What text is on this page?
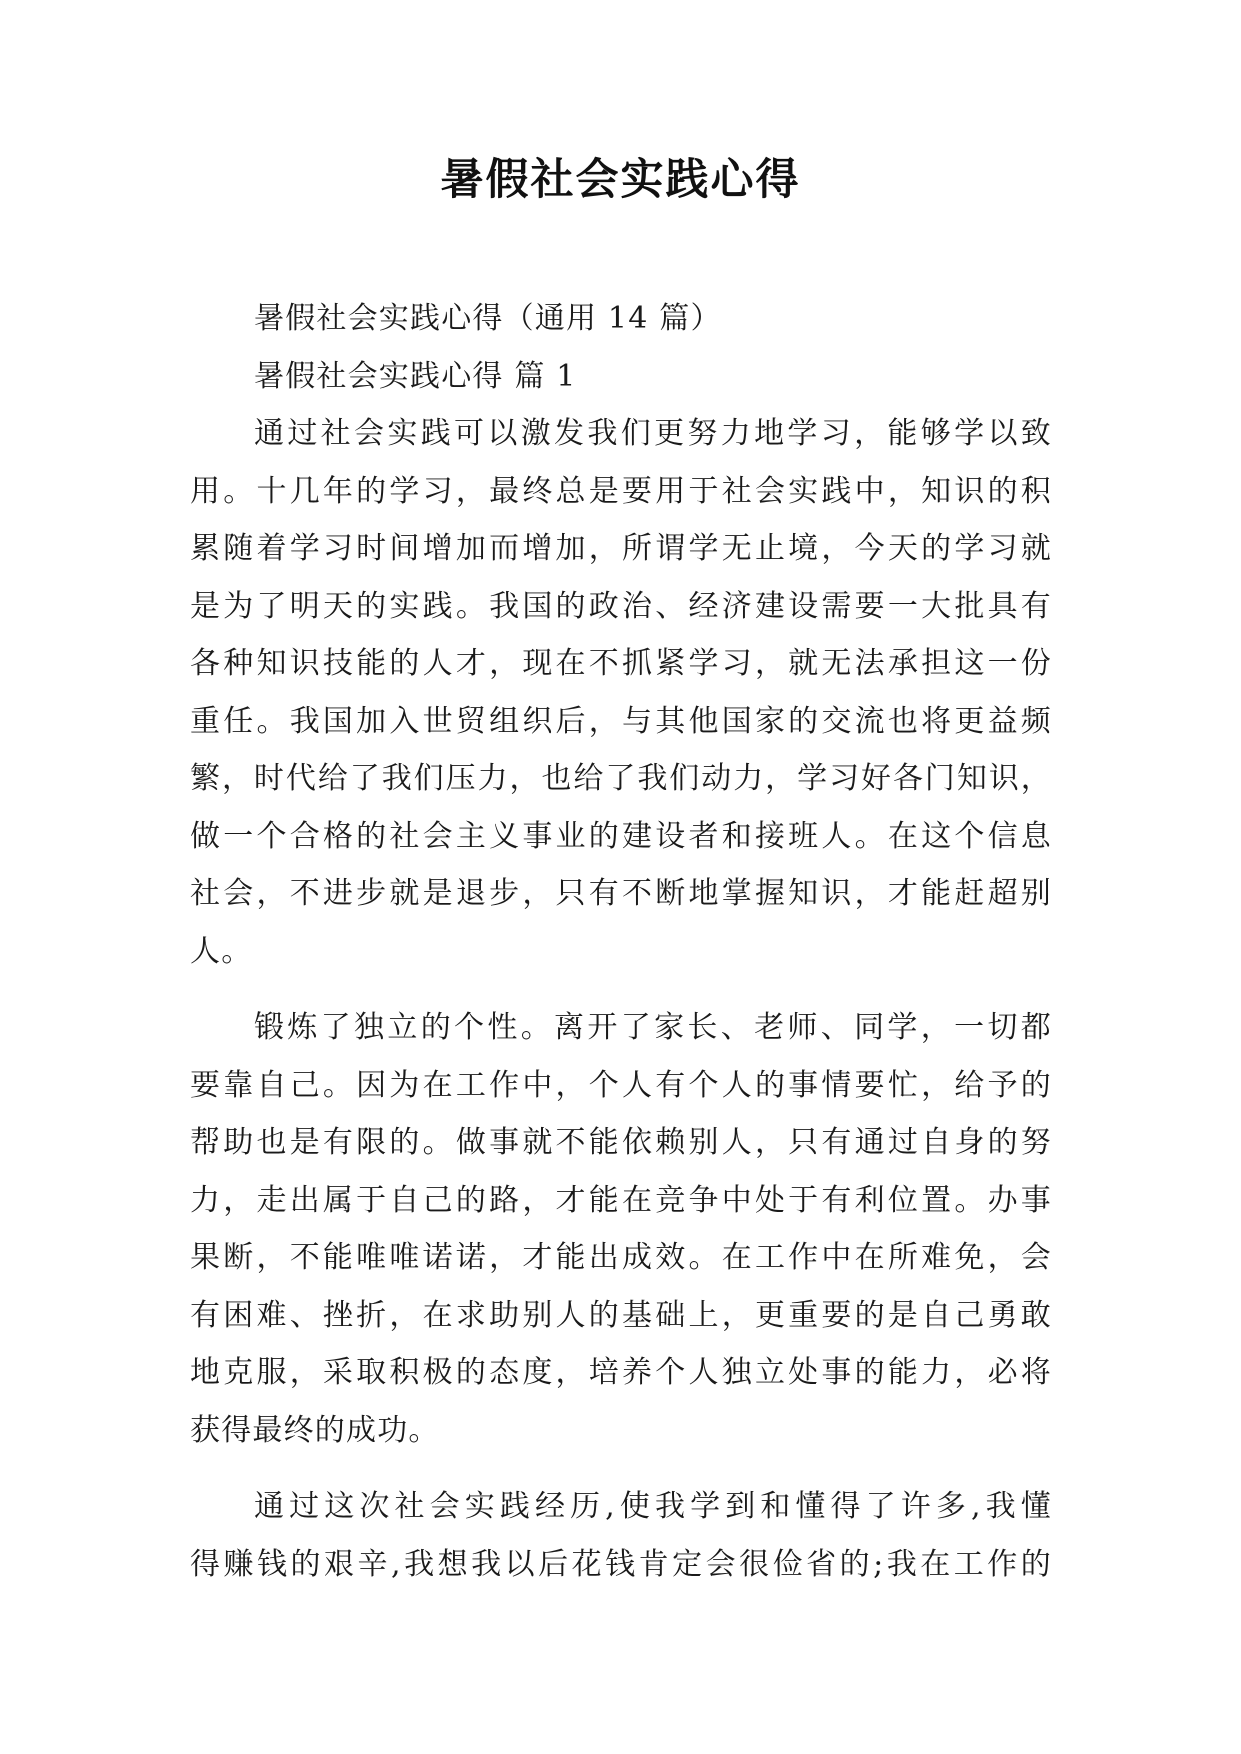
暑假社会实践心得
暑假社会实践心得（通用 14 篇）
暑假社会实践心得 篇 1
通过社会实践可以激发我们更努力地学习，能够学以致
用。十几年的学习，最终总是要用于社会实践中，知识的积
累随着学习时间增加而增加，所谓学无止境，今天的学习就
是为了明天的实践。我国的政治、经济建设需要一大批具有
各种知识技能的人才，现在不抓紧学习，就无法承担这一份
重任。我国加入世贸组织后，与其他国家的交流也将更益频
繁，时代给了我们压力，也给了我们动力，学习好各门知识，
做一个合格的社会主义事业的建设者和接班人。在这个信息
社会，不进步就是退步，只有不断地掌握知识，才能赶超别
人。
锻炼了独立的个性。离开了家长、老师、同学，一切都
要靠自己。因为在工作中，个人有个人的事情要忙，给予的
帮助也是有限的。做事就不能依赖别人，只有通过自身的努
力，走出属于自己的路，才能在竞争中处于有利位置。办事
果断，不能唯唯诺诺，才能出成效。在工作中在所难免，会
有困难、挫折，在求助别人的基础上，更重要的是自己勇敢
地克服，采取积极的态度，培养个人独立处事的能力，必将
获得最终的成功。
通过这次社会实践经历,使我学到和懂得了许多,我懂
得赚钱的艰辛,我想我以后花钱肯定会很俭省的;我在工作的
